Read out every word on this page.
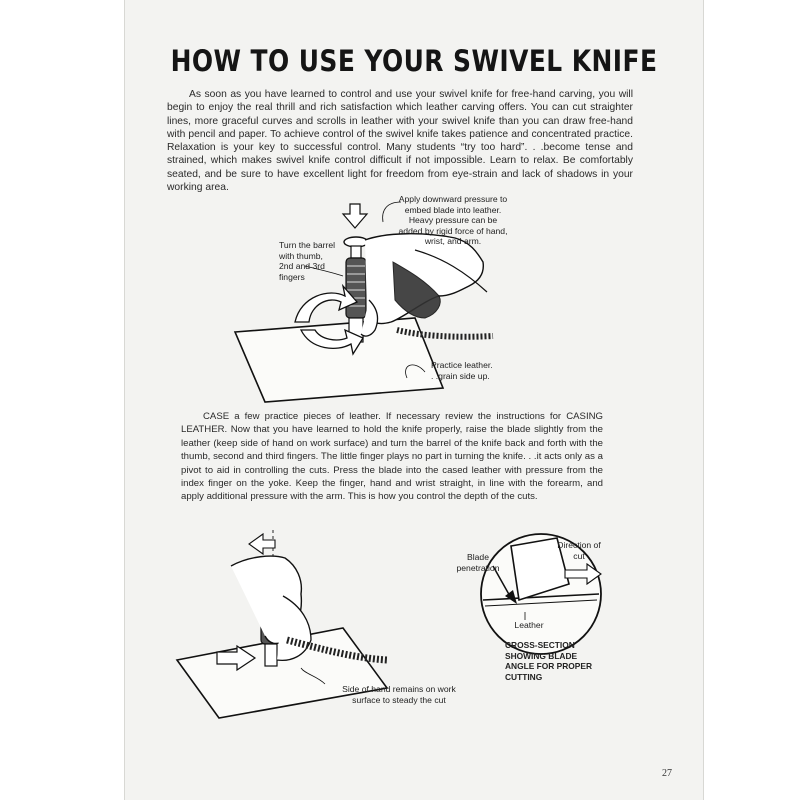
HOW TO USE YOUR SWIVEL KNIFE
As soon as you have learned to control and use your swivel knife for free-hand carving, you will begin to enjoy the real thrill and rich satisfaction which leather carving offers. You can cut straighter lines, more graceful curves and scrolls in leather with your swivel knife than you can draw free-hand with pencil and paper. To achieve control of the swivel knife takes patience and concentrated practice. Relaxation is your key to successful control. Many students “try too hard”. . .become tense and strained, which makes swivel knife control difficult if not impossible. Learn to relax. Be comfortably seated, and be sure to have excellent light for freedom from eye-strain and lack of shadows in your working area.
Apply downward pressure to embed blade into leather. Heavy pressure can be added by rigid force of hand, wrist, and arm.
Turn the barrel with thumb, 2nd and 3rd fingers
Practice leather. . .grain side up.
CASE a few practice pieces of leather. If necessary review the instructions for CASING LEATHER. Now that you have learned to hold the knife properly, raise the blade slightly from the leather (keep side of hand on work surface) and turn the barrel of the knife back and forth with the thumb, second and third fingers. The little finger plays no part in turning the knife. . .it acts only as a pivot to aid in controlling the cuts. Press the blade into the cased leather with pressure from the index finger on the yoke. Keep the finger, hand and wrist straight, in line with the forearm, and apply additional pressure with the arm. This is how you control the depth of the cuts.
Side of hand remains on work surface to steady the cut
Blade penetration
Direction of cut
Leather
CROSS-SECTION SHOWING BLADE ANGLE FOR PROPER CUTTING
27
